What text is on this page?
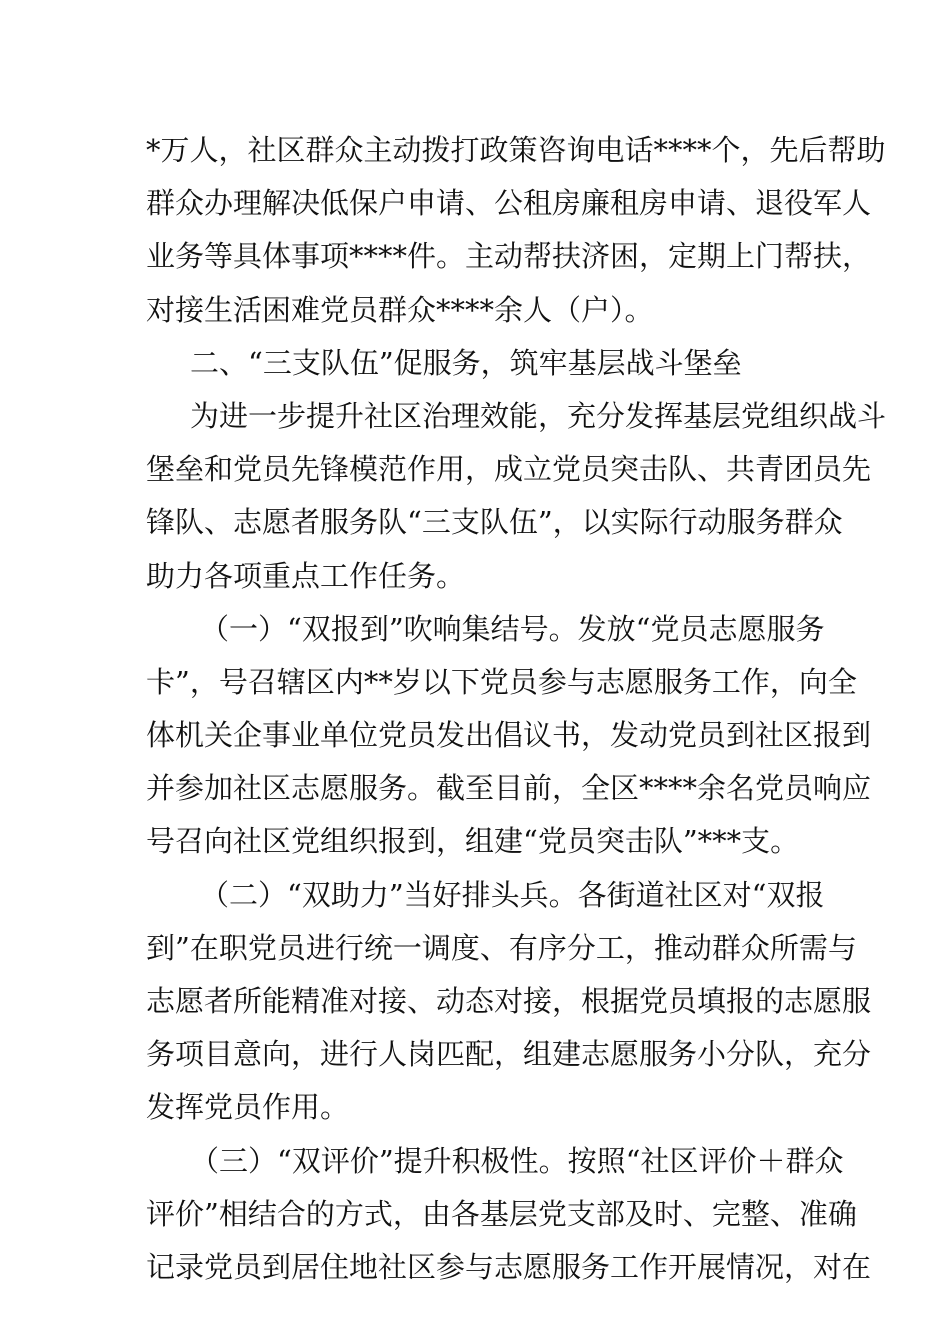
*万人，社区群众主动拨打政策咨询电话****个，先后帮助
群众办理解决低保户申请、公租房廉租房申请、退役军人
业务等具体事项****件。主动帮扶济困，定期上门帮扶，
对接生活困难党员群众****余人（户）。
二、“三支队伍”促服务，筑牢基层战斗堡垒
为进一步提升社区治理效能，充分发挥基层党组织战斗
堡垒和党员先锋模范作用，成立党员突击队、共青团员先
锋队、志愿者服务队“三支队伍”，以实际行动服务群众
助力各项重点工作任务。
（一）“双报到”吹响集结号。发放“党员志愿服务
卡”，号召辖区内**岁以下党员参与志愿服务工作，向全
体机关企事业单位党员发出倡议书，发动党员到社区报到
并参加社区志愿服务。截至目前，全区****余名党员响应
号召向社区党组织报到，组建“党员突击队”***支。
（二）“双助力”当好排头兵。各街道社区对“双报
到”在职党员进行统一调度、有序分工，推动群众所需与
志愿者所能精准对接、动态对接，根据党员填报的志愿服
务项目意向，进行人岗匹配，组建志愿服务小分队，充分
发挥党员作用。
（三）“双评价”提升积极性。按照“社区评价＋群众
评价”相结合的方式，由各基层党支部及时、完整、准确
记录党员到居住地社区参与志愿服务工作开展情况，对在
